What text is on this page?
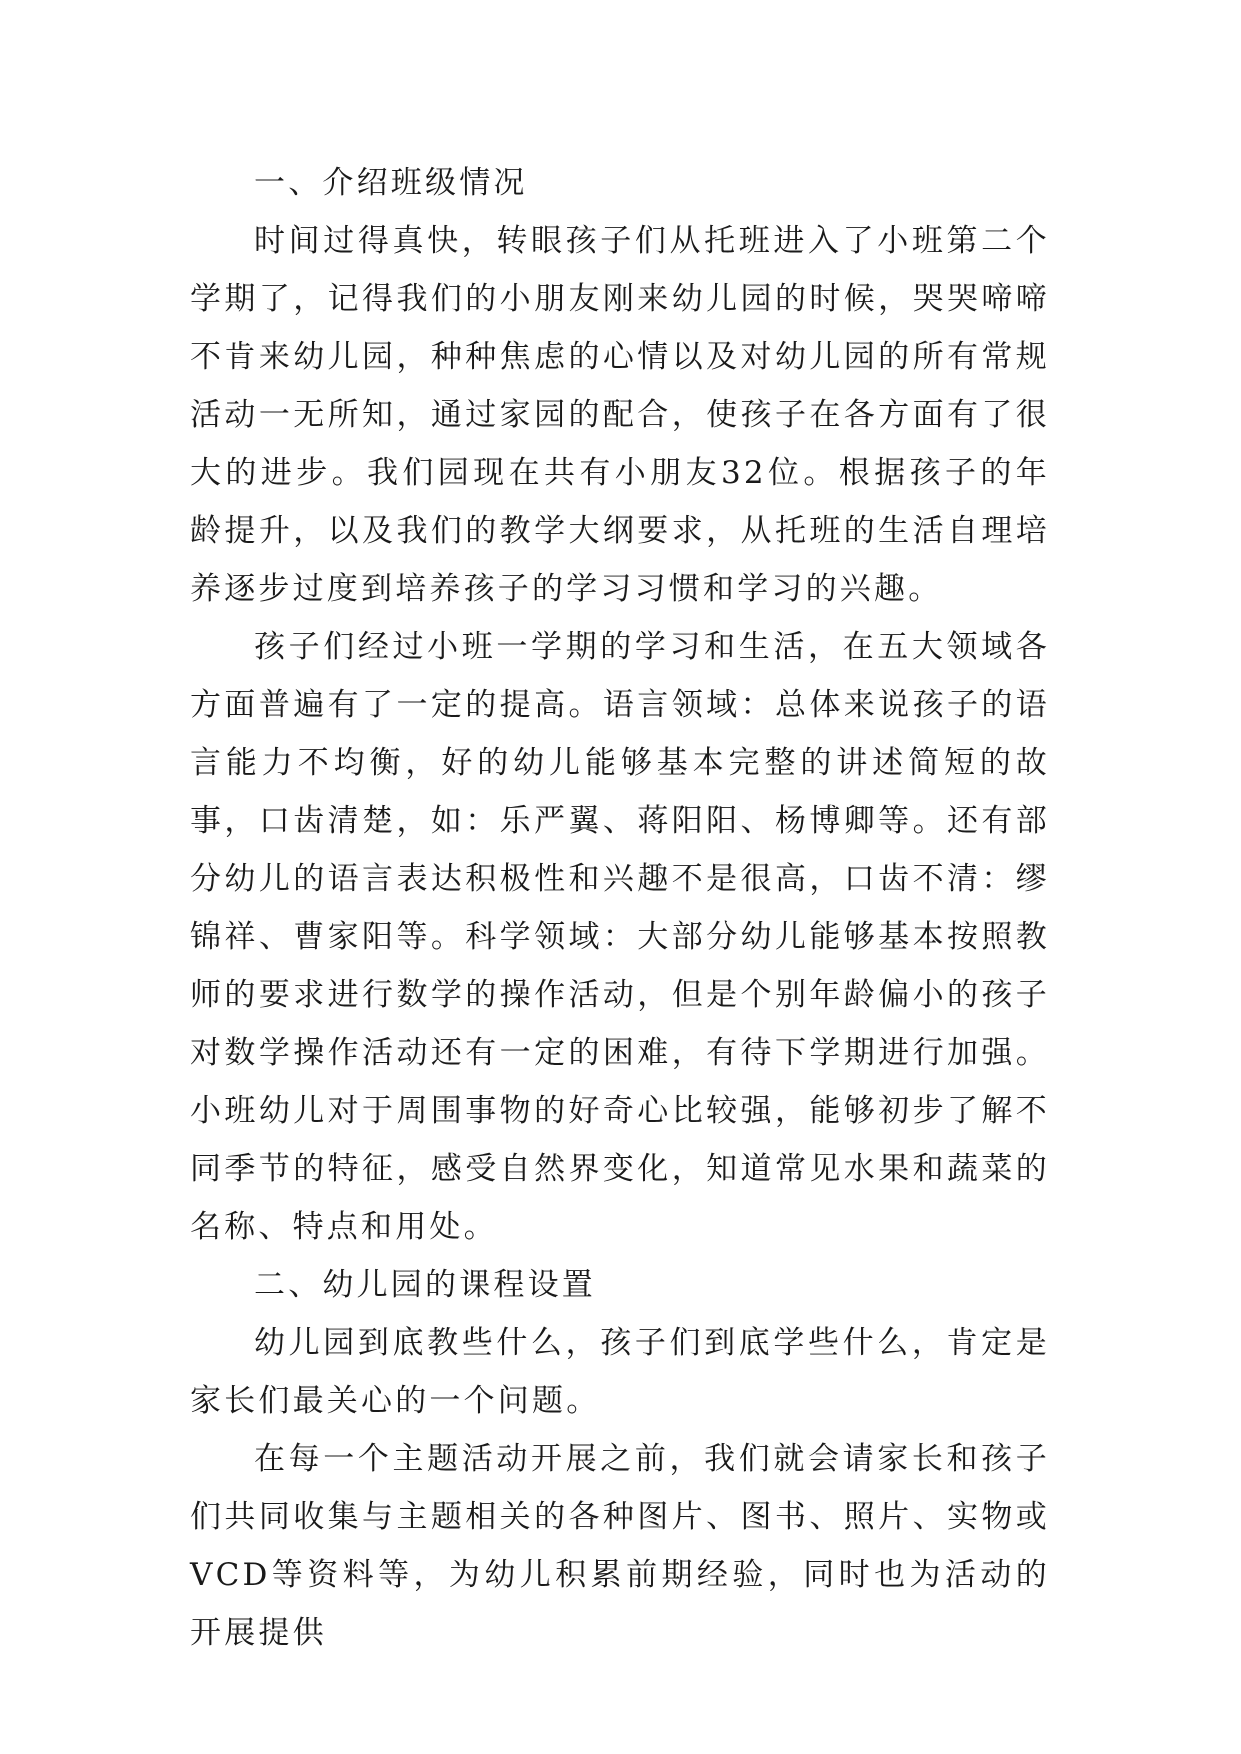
一、介绍班级情况

时间过得真快，转眼孩子们从托班进入了小班第二个学期了，记得我们的小朋友刚来幼儿园的时候，哭哭啼啼不肯来幼儿园，种种焦虑的心情以及对幼儿园的所有常规活动一无所知，通过家园的配合，使孩子在各方面有了很大的进步。我们园现在共有小朋友32位。根据孩子的年龄提升，以及我们的教学大纲要求，从托班的生活自理培养逐步过度到培养孩子的学习习惯和学习的兴趣。

孩子们经过小班一学期的学习和生活，在五大领域各方面普遍有了一定的提高。语言领域：总体来说孩子的语言能力不均衡，好的幼儿能够基本完整的讲述简短的故事，口齿清楚，如：乐严翼、蒋阳阳、杨博卿等。还有部分幼儿的语言表达积极性和兴趣不是很高，口齿不清：缪锦祥、曹家阳等。科学领域：大部分幼儿能够基本按照教师的要求进行数学的操作活动，但是个别年龄偏小的孩子对数学操作活动还有一定的困难，有待下学期进行加强。小班幼儿对于周围事物的好奇心比较强，能够初步了解不同季节的特征，感受自然界变化，知道常见水果和蔬菜的名称、特点和用处。

二、幼儿园的课程设置

幼儿园到底教些什么，孩子们到底学些什么，肯定是家长们最关心的一个问题。

在每一个主题活动开展之前，我们就会请家长和孩子们共同收集与主题相关的各种图片、图书、照片、实物或VCD等资料等，为幼儿积累前期经验，同时也为活动的开展提供
